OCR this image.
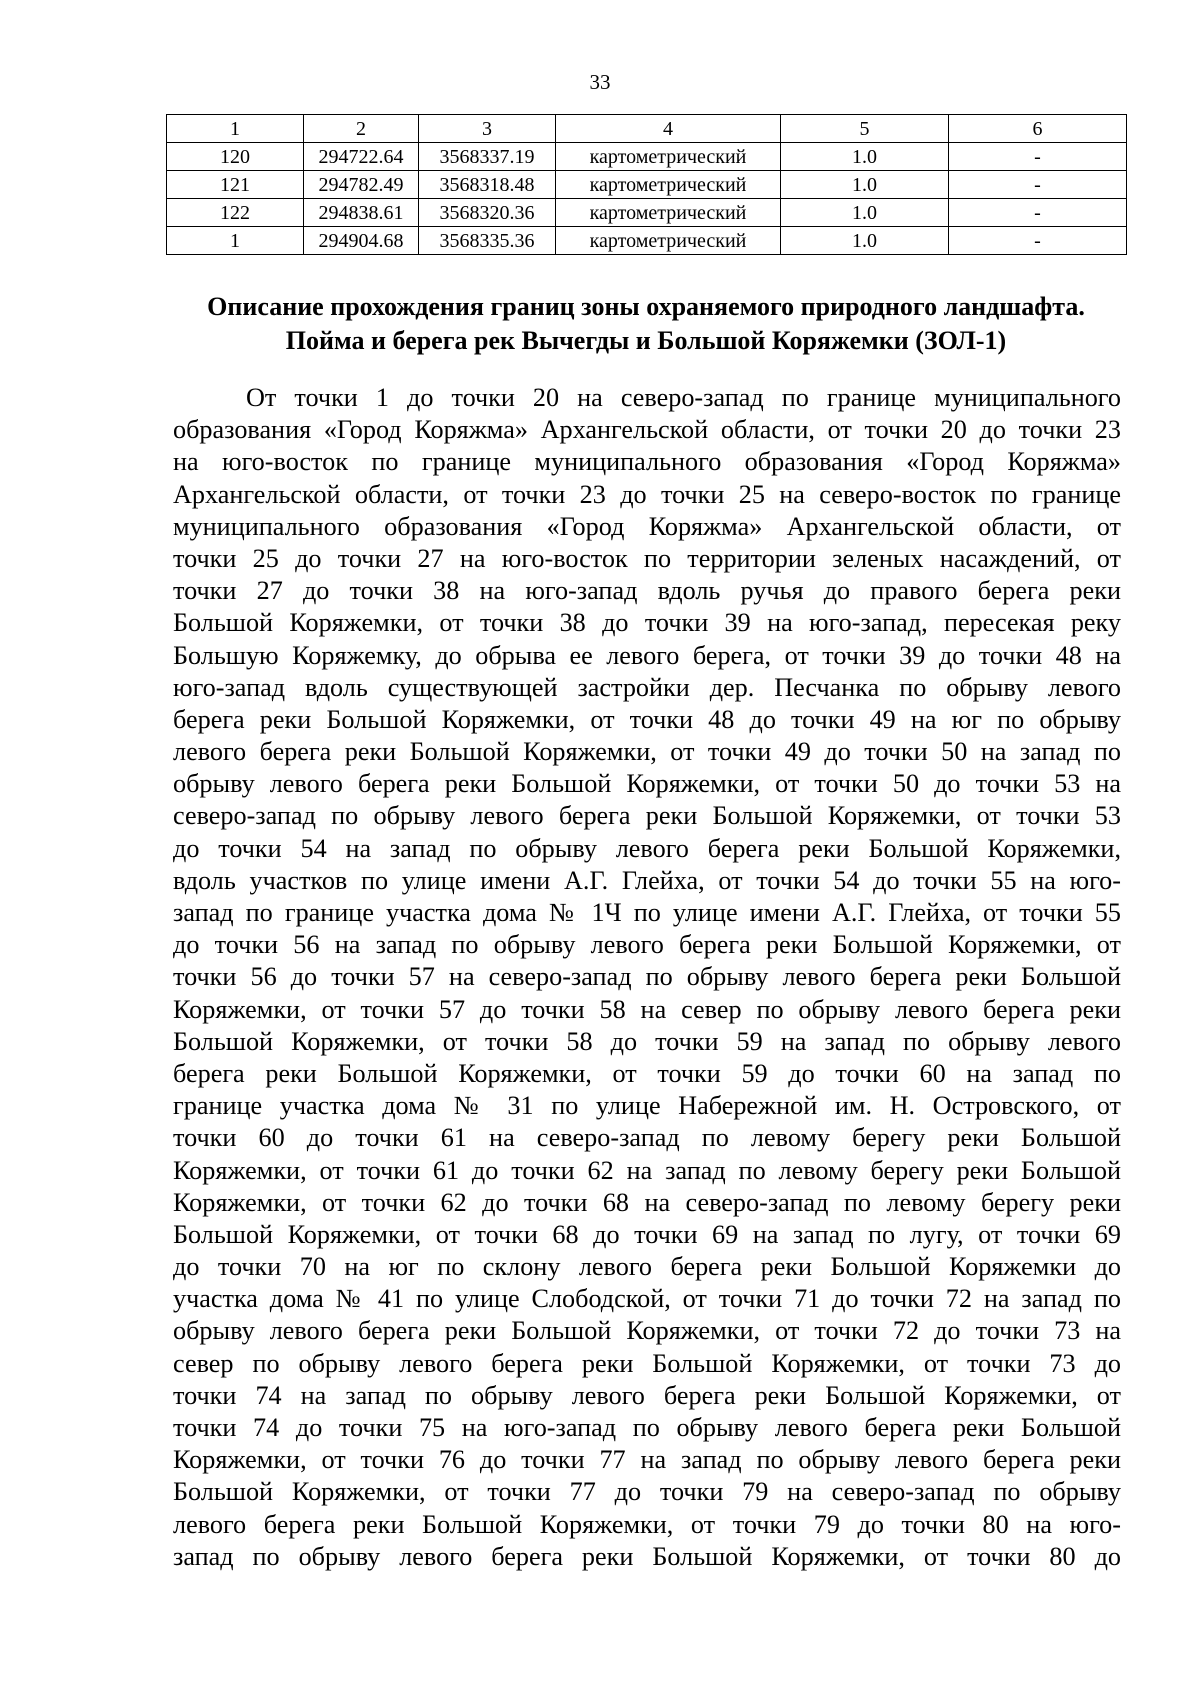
33
1	2	3	4	5	6
120	294722.64	3568337.19	картометрический	1.0	-
121	294782.49	3568318.48	картометрический	1.0	-
122	294838.61	3568320.36	картометрический	1.0	-
1	294904.68	3568335.36	картометрический	1.0	-
Описание прохождения границ зоны охраняемого природного ландшафта.
Пойма и берега рек Вычегды и Большой Коряжемки (ЗОЛ-1)
От точки 1 до точки 20 на северо-запад по границе муниципального
образования «Город Коряжма» Архангельской области, от точки 20 до точки 23
на юго-восток по границе муниципального образования «Город Коряжма»
Архангельской области, от точки 23 до точки 25 на северо-восток по границе
муниципального образования «Город Коряжма» Архангельской области, от
точки 25 до точки 27 на юго-восток по территории зеленых насаждений, от
точки 27 до точки 38 на юго-запад вдоль ручья до правого берега реки
Большой Коряжемки, от точки 38 до точки 39 на юго-запад, пересекая реку
Большую Коряжемку, до обрыва ее левого берега, от точки 39 до точки 48 на
юго-запад вдоль существующей застройки дер. Песчанка по обрыву левого
берега реки Большой Коряжемки, от точки 48 до точки 49 на юг по обрыву
левого берега реки Большой Коряжемки, от точки 49 до точки 50 на запад по
обрыву левого берега реки Большой Коряжемки, от точки 50 до точки 53 на
северо-запад по обрыву левого берега реки Большой Коряжемки, от точки 53
до точки 54 на запад по обрыву левого берега реки Большой Коряжемки,
вдоль участков по улице имени А.Г. Глейха, от точки 54 до точки 55 на юго-
запад по границе участка дома № 1Ч по улице имени А.Г. Глейха, от точки 55
до точки 56 на запад по обрыву левого берега реки Большой Коряжемки, от
точки 56 до точки 57 на северо-запад по обрыву левого берега реки Большой
Коряжемки, от точки 57 до точки 58 на север по обрыву левого берега реки
Большой Коряжемки, от точки 58 до точки 59 на запад по обрыву левого
берега реки Большой Коряжемки, от точки 59 до точки 60 на запад по
границе участка дома № 31 по улице Набережной им. Н. Островского, от
точки 60 до точки 61 на северо-запад по левому берегу реки Большой
Коряжемки, от точки 61 до точки 62 на запад по левому берегу реки Большой
Коряжемки, от точки 62 до точки 68 на северо-запад по левому берегу реки
Большой Коряжемки, от точки 68 до точки 69 на запад по лугу, от точки 69
до точки 70 на юг по склону левого берега реки Большой Коряжемки до
участка дома № 41 по улице Слободской, от точки 71 до точки 72 на запад по
обрыву левого берега реки Большой Коряжемки, от точки 72 до точки 73 на
север по обрыву левого берега реки Большой Коряжемки, от точки 73 до
точки 74 на запад по обрыву левого берега реки Большой Коряжемки, от
точки 74 до точки 75 на юго-запад по обрыву левого берега реки Большой
Коряжемки, от точки 76 до точки 77 на запад по обрыву левого берега реки
Большой Коряжемки, от точки 77 до точки 79 на северо-запад по обрыву
левого берега реки Большой Коряжемки, от точки 79 до точки 80 на юго-
запад по обрыву левого берега реки Большой Коряжемки, от точки 80 до
